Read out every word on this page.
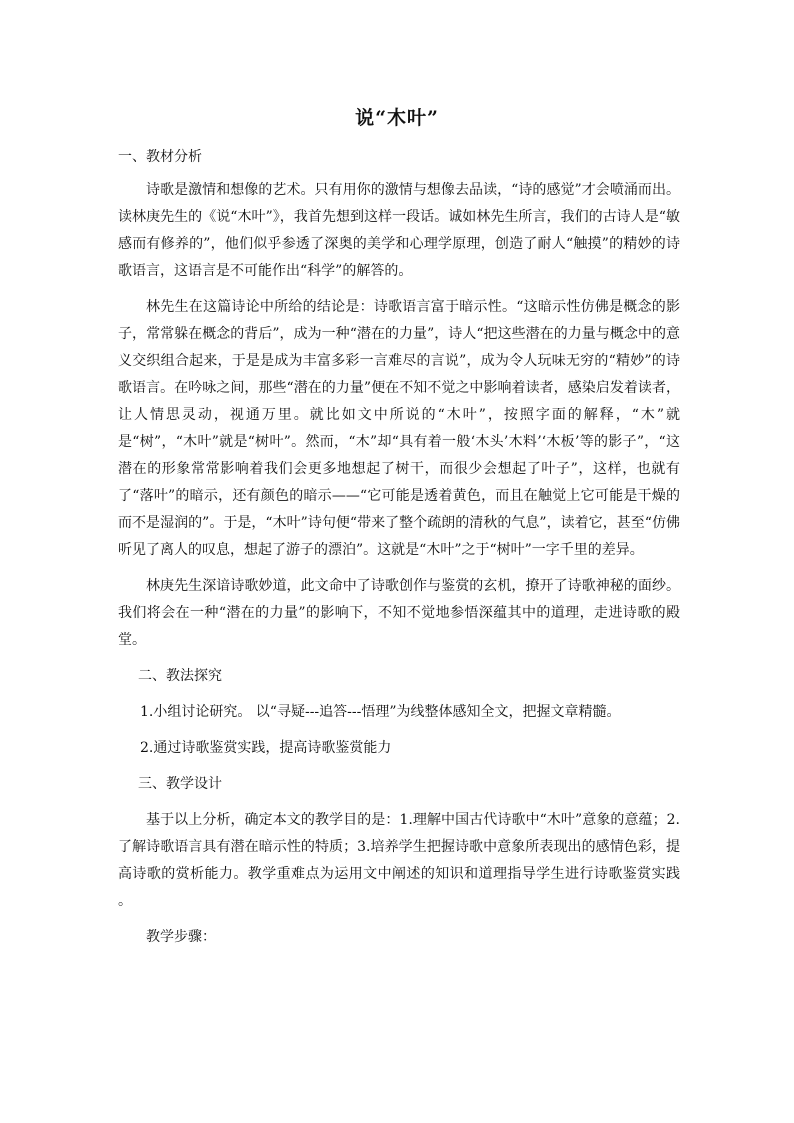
说“木叶”

一、教材分析

诗歌是激情和想像的艺术。只有用你的激情与想像去品读，“诗的感觉”才会喷涌而出。读林庚先生的《说“木叶”》，我首先想到这样一段话。诚如林先生所言，我们的古诗人是“敏感而有修养的”，他们似乎参透了深奥的美学和心理学原理，创造了耐人“触摸”的精妙的诗歌语言，这语言是不可能作出“科学”的解答的。

林先生在这篇诗论中所给的结论是：诗歌语言富于暗示性。“这暗示性仿佛是概念的影子，常常躲在概念的背后”，成为一种“潜在的力量”，诗人“把这些潜在的力量与概念中的意义交织组合起来，于是是成为丰富多彩一言难尽的言说”，成为令人玩味无穷的“精妙”的诗歌语言。在吟咏之间，那些“潜在的力量”便在不知不觉之中影响着读者，感染启发着读者，让人情思灵动，视通万里。就比如文中所说的“木叶”，按照字面的解释，“木”就是“树”，“木叶”就是“树叶”。然而，“木”却“具有着一般‘木头’木料’‘木板’等的影子”，“这潜在的形象常常影响着我们会更多地想起了树干，而很少会想起了叶子”，这样，也就有了“落叶”的暗示，还有颜色的暗示——“它可能是透着黄色，而且在触觉上它可能是干燥的而不是湿润的”。于是，“木叶”诗句便“带来了整个疏朗的清秋的气息”，读着它，甚至“仿佛听见了离人的叹息，想起了游子的漂泊”。这就是“木叶”之于“树叶”一字千里的差异。

林庚先生深谙诗歌妙道，此文命中了诗歌创作与鉴赏的玄机，撩开了诗歌神秘的面纱。我们将会在一种“潜在的力量”的影响下，不知不觉地参悟深蕴其中的道理，走进诗歌的殿堂。

二、教法探究

1.小组讨论研究。 以“寻疑---追答---悟理”为线整体感知全文，把握文章精髓。

2.通过诗歌鉴赏实践，提高诗歌鉴赏能力

三、教学设计

基于以上分析，确定本文的教学目的是：1.理解中国古代诗歌中“木叶”意象的意蕴；2.了解诗歌语言具有潜在暗示性的特质；3.培养学生把握诗歌中意象所表现出的感情色彩，提高诗歌的赏析能力。教学重难点为运用文中阐述的知识和道理指导学生进行诗歌鉴赏实践 。

教学步骤：
